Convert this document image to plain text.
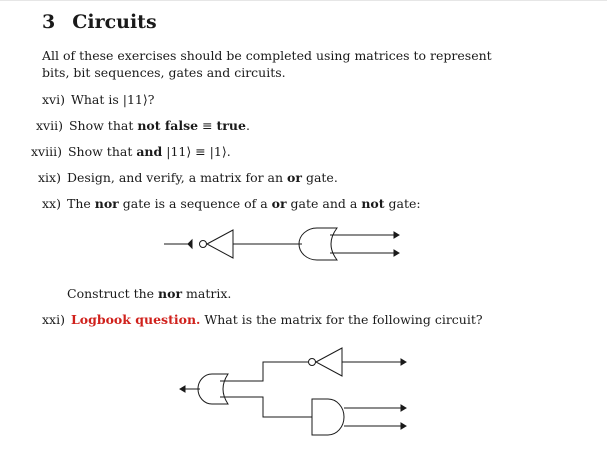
3 Circuits
All of these exercises should be completed using matrices to represent bits, bit sequences, gates and circuits.
xvi) What is |11⟩?
xvii) Show that not false ≡ true.
xviii) Show that and |11⟩ ≡ |1⟩.
xix) Design, and verify, a matrix for an or gate.
xx) The nor gate is a sequence of a or gate and a not gate:
Construct the nor matrix.
xxi) Logbook question. What is the matrix for the following circuit?
